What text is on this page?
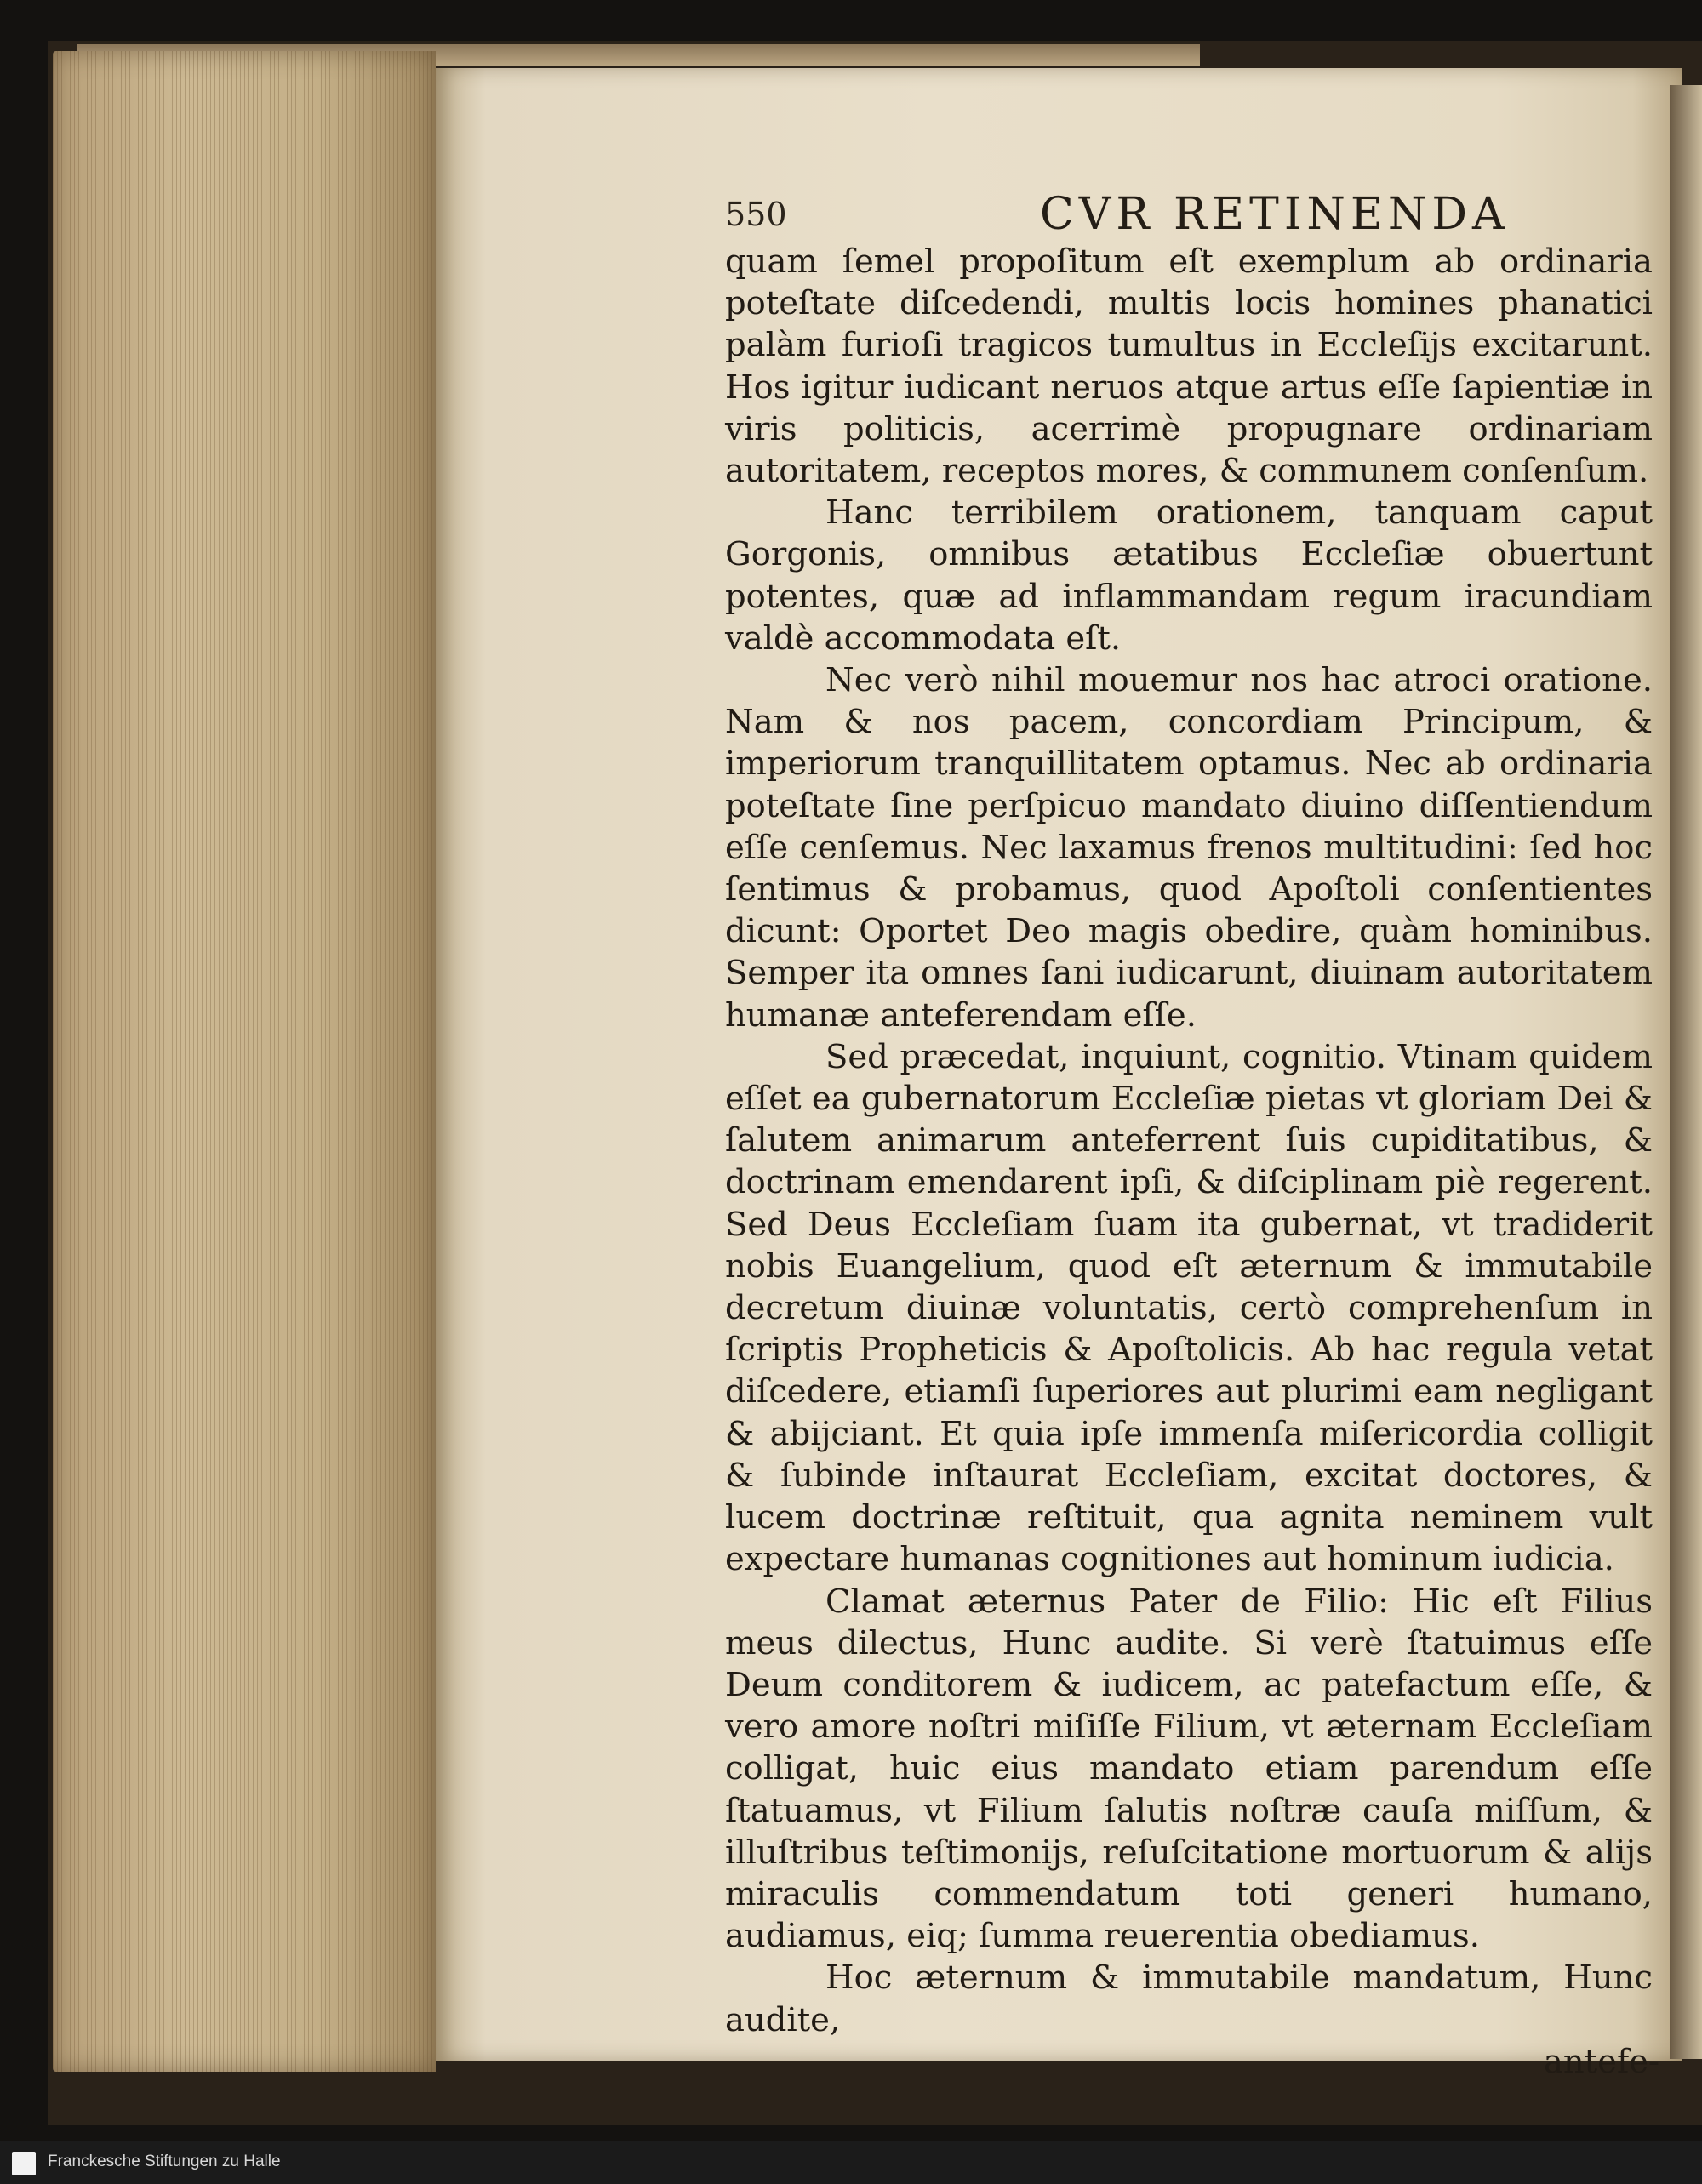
550	CVR RETINENDA

quam ſemel propoſitum eſt exemplum ab ordinaria poteſtate diſcedendi, multis locis homines phanatici palàm furioſi tragicos tumultus in Eccleſijs excitarunt. Hos igitur iudicant neruos atque artus eſſe ſapientiæ in viris politicis, acerrimè propugnare ordinariam autoritatem, receptos mores, & communem conſenſum.

Hanc terribilem orationem, tanquam caput Gorgonis, omnibus ætatibus Eccleſiæ obuertunt potentes, quæ ad inflammandam regum iracundiam valdè accommodata eſt.

Nec verò nihil mouemur nos hac atroci oratione. Nam & nos pacem, concordiam Principum, & imperiorum tranquillitatem optamus. Nec ab ordinaria poteſtate ſine perſpicuo mandato diuino diſſentiendum eſſe cenſemus. Nec laxamus frenos multitudini: ſed hoc ſentimus & probamus, quod Apoſtoli conſentientes dicunt: Oportet Deo magis obedire, quàm hominibus. Semper ita omnes ſani iudicarunt, diuinam autoritatem humanæ anteferendam eſſe.

Sed præcedat, inquiunt, cognitio. Vtinam quidem eſſet ea gubernatorum Eccleſiæ pietas vt gloriam Dei & ſalutem animarum anteferrent ſuis cupiditatibus, & doctrinam emendarent ipſi, & diſciplinam piè regerent. Sed Deus Eccleſiam ſuam ita gubernat, vt tradiderit nobis Euangelium, quod eſt æternum & immutabile decretum diuinæ voluntatis, certò comprehenſum in ſcriptis Propheticis & Apoſtolicis. Ab hac regula vetat diſcedere, etiamſi ſuperiores aut plurimi eam negligant & abijciant. Et quia ipſe immenſa miſericordia colligit & ſubinde inſtaurat Eccleſiam, excitat doctores, & lucem doctrinæ reſtituit, qua agnita neminem vult expectare humanas cognitiones aut hominum iudicia.

Clamat æternus Pater de Filio: Hic eſt Filius meus dilectus, Hunc audite. Si verè ſtatuimus eſſe Deum conditorem & iudicem, ac patefactum eſſe, & vero amore noſtri miſiſſe Filium, vt æternam Eccleſiam colligat, huic eius mandato etiam parendum eſſe ſtatuamus, vt Filium ſalutis noſtræ cauſa miſſum, & illuſtribus teſtimonijs, reſuſcitatione mortuorum & alijs miraculis commendatum toti generi humano, audiamus, eiq; ſumma reuerentia obediamus.

Hoc æternum & immutabile mandatum, Hunc audite,

antefe-

Franckesche Stiftungen zu Halle
